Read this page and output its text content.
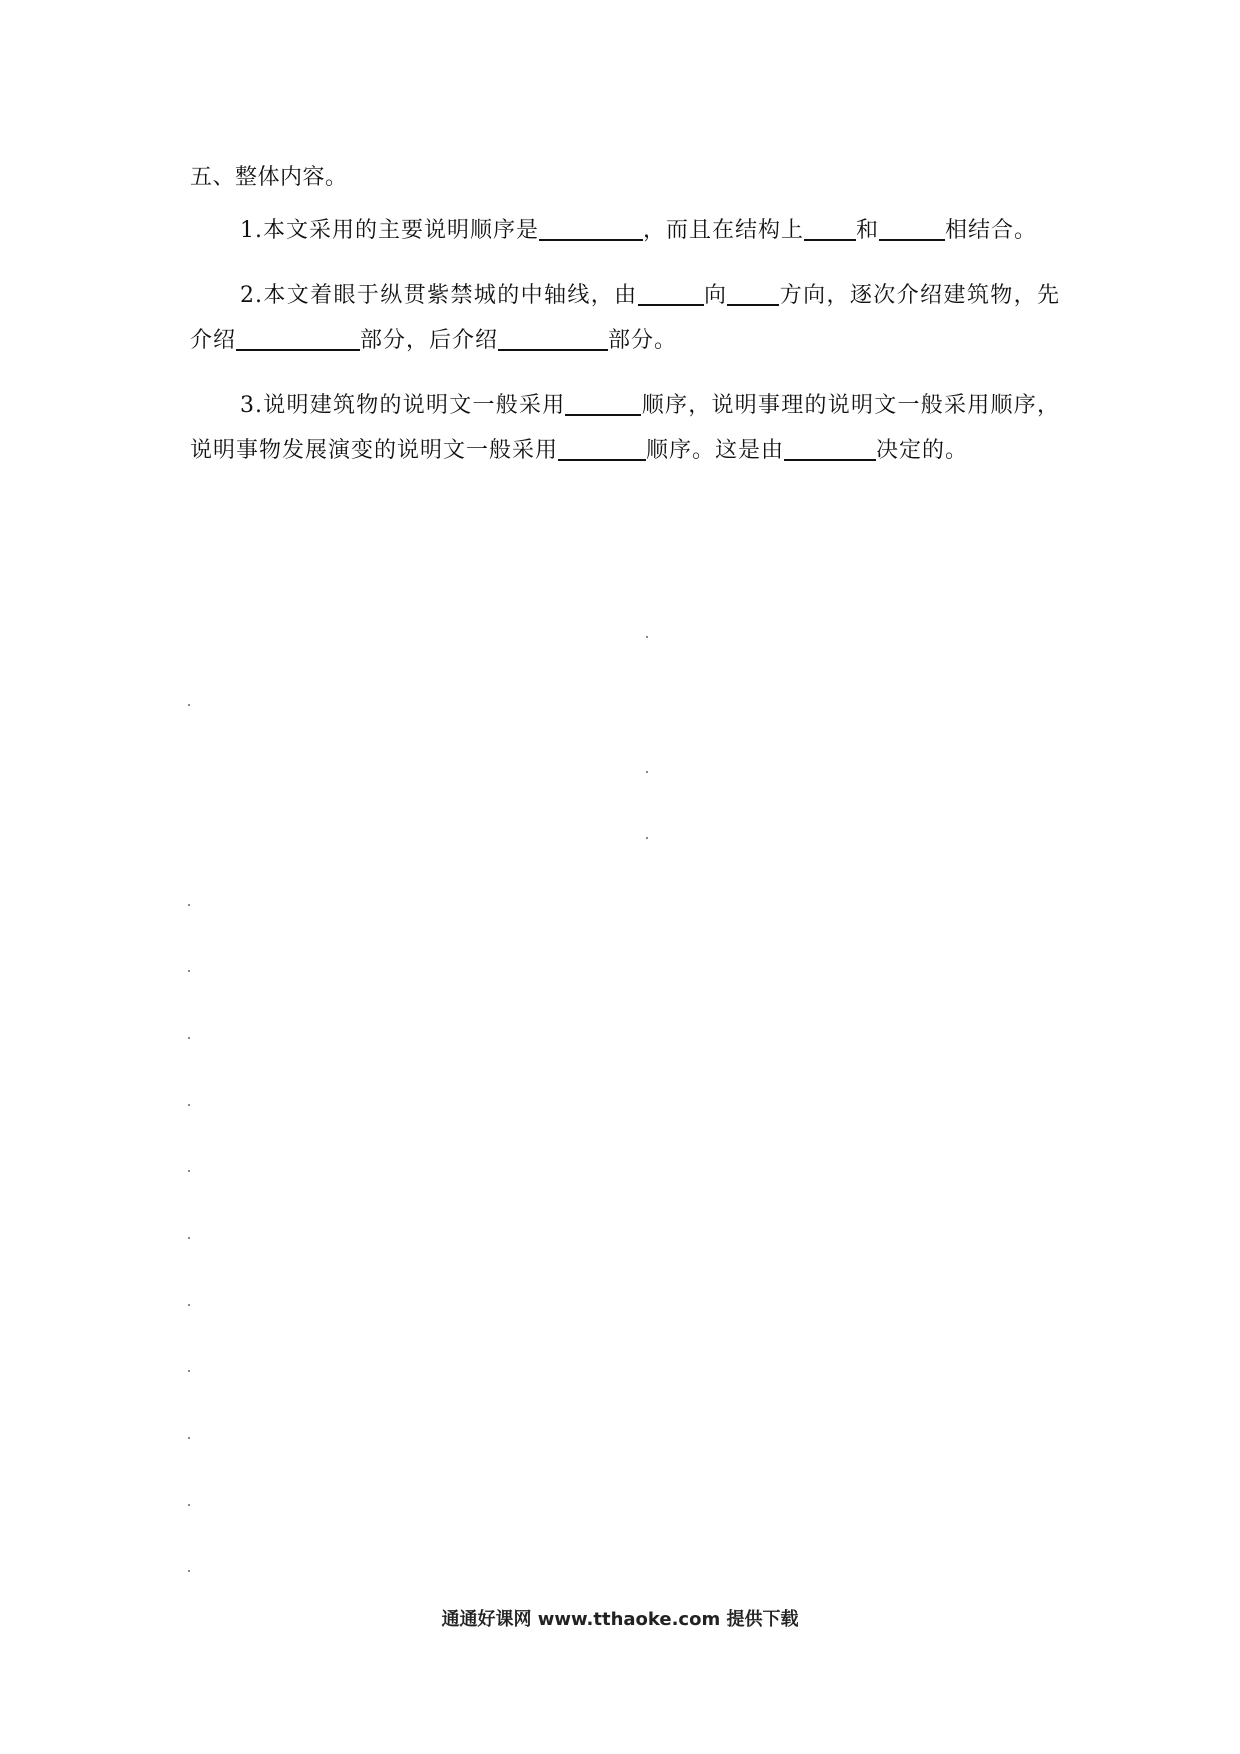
五、整体内容。

1.本文采用的主要说明顺序是	，而且在结构上 和	相结合。

2.本文着眼于纵贯紫禁城的中轴线，由	向 方向，逐次介绍建筑物，先介绍	部分，后介绍	部分。

3.说明建筑物的说明文一般采用	顺序，说明事理的说明文一般采用顺序，说明事物发展演变的说明文一般采用	顺序。这是由	决定的。

通通好课网 www.tthaoke.com 提供下载
